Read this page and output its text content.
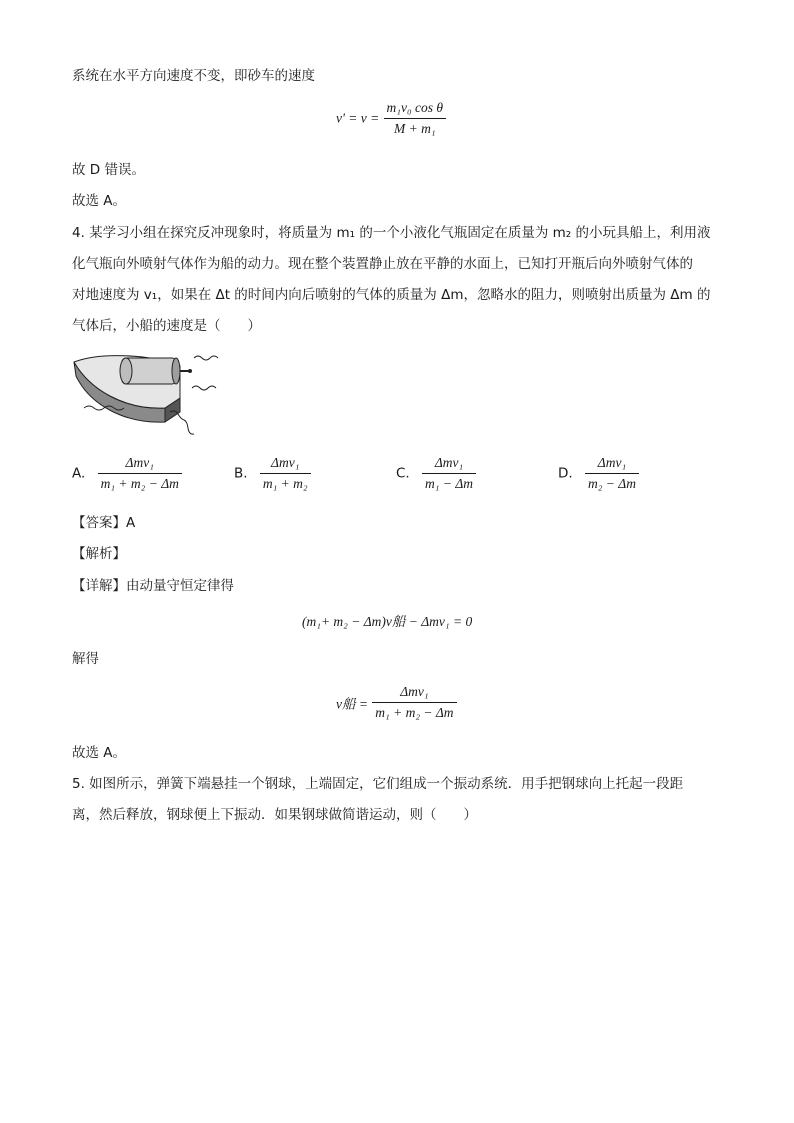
系统在水平方向速度不变，即砂车的速度
$v' = v = \frac{\text{m₁v₀ cos θ}}{\text{M + m₁}}$
故 D 错误。
故选 A。
4. 某学习小组在探究反冲现象时，将质量为 m₁ 的一个小液化气瓶固定在质量为 m₂ 的小玩具船上，利用液
化气瓶向外喷射气体作为船的动力。现在整个装置静止放在平静的水面上，已知打开瓶后向外喷射气体的
对地速度为 v₁，如果在 Δt 的时间内向后喷射的气体的质量为 Δm，忽略水的阻力，则喷射出质量为 Δm 的
气体后，小船的速度是（　　）
A. $\frac{\text{Δmv₁}}{\text{m₁ + m₂ − Δm}}$	B. $\frac{\text{Δmv₁}}{\text{m₁ + m₂}}$	C. $\frac{\text{Δmv₁}}{\text{m₁ − Δm}}$	D. $\frac{\text{Δmv₁}}{\text{m₂ − Δm}}$
【答案】A
【解析】
【详解】由动量守恒定律得
(m₁+ m₂ − Δm)v船 − Δmv₁ = 0
解得
v船 = $\frac{\text{Δmv₁}}{\text{m₁ + m₂ − Δm}}$
故选 A。
5. 如图所示，弹簧下端悬挂一个钢球，上端固定，它们组成一个振动系统．用手把钢球向上托起一段距
离，然后释放，钢球便上下振动．如果钢球做简谐运动，则（　　）
